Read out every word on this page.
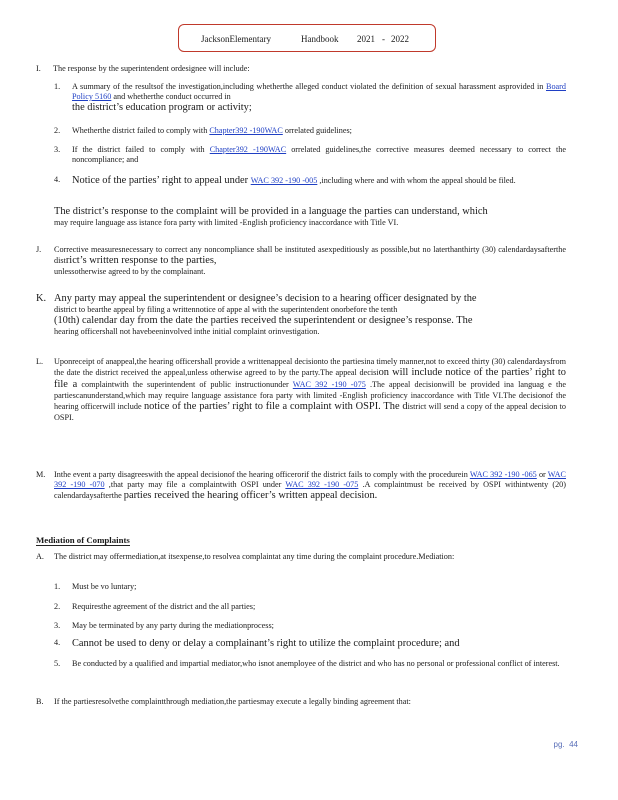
JacksonElementary	Handbook 2021 - 2022
I. The response by the superintendent ordesignee will include:
1. A summary of the resultsof the investigation,including whetherthe alleged conduct violated the definition of sexual harassment asprovided in Board Policy 5160 and whetherthe conduct occurred in
the district’s education program or activity;
2. Whetherthe district failed to comply with Chapter392 -190WAC orrelated guidelines;
3. If the district failed to comply with Chapter392 -190WAC orrelated guidelines,the corrective measures deemed necessary to correct the noncompliance; and
4. Notice of the parties’ right to appeal under WAC 392 -190 -005 ,including where and with whom the appeal should be filed.
The district’s response to the complaint will be provided in a language the parties can understand, which
may require language ass istance fora party with limited -English proficiency inaccordance with Title VI.
J. Corrective measuresnecessary to correct any noncompliance shall be instituted asexpeditiously as possible,but no laterthanthirty (30) calendardaysafterthe district’s written response to the parties,
unlessotherwise agreed to by the complainant.
K. Any party may appeal the superintendent or designee’s decision to a hearing officer designated by the
district to bearthe appeal by filing a writtennotice of appe al with the superintendent onorbefore the tenth
(10th) calendar day from the date the parties received the superintendent or designee’s response. The
hearing officershall not havebeeninvolved inthe initial complaint orinvestigation.
L. Uponreceipt of anappeal,the hearing officershall provide a writtenappeal decisionto the partiesina timely manner,not to exceed thirty (30) calendardaysfrom the date the district received the appeal,unless otherwise agreed to by the party.The appeal decision will include notice of the parties’ right to file a complaintwith the superintendent of public instructionunder WAC 392 -190 -075 .The appeal decisionwill be provided ina languag e the partiescanunderstand,which may require language assistance fora party with limited -English proficiency inaccordance with Title VI.The decisionof the hearing officerwill include notice of the parties’ right to file a complaint with OSPI. The district will send a copy of the appeal decision to OSPI.
M. Inthe event a party disagreeswith the appeal decisionof the hearing officerorif the district fails to comply with the procedurein WAC 392 -190 -065 or WAC 392 -190 -070 ,that party may file a complaintwith OSPI under WAC 392 -190 -075 .A complaintmust be received by OSPI withintwenty (20) calendardaysafterthe parties received the hearing officer’s written appeal decision.
Mediation of Complaints
A. The district may offermediation,at itsexpense,to resolvea complaintat any time during the complaint procedure.Mediation:
1. Must be vo luntary;
2. Requiresthe agreement of the district and the all parties;
3. May be terminated by any party during the mediationprocess;
4. Cannot be used to deny or delay a complainant’s right to utilize the complaint procedure; and
5. Be conducted by a qualified and impartial mediator,who isnot anemployee of the district and who has no personal or professional conflict of interest.
B. If the partiesresolvethe complaintthrough mediation,the partiesmay execute a legally binding agreement that:
pg. 44
